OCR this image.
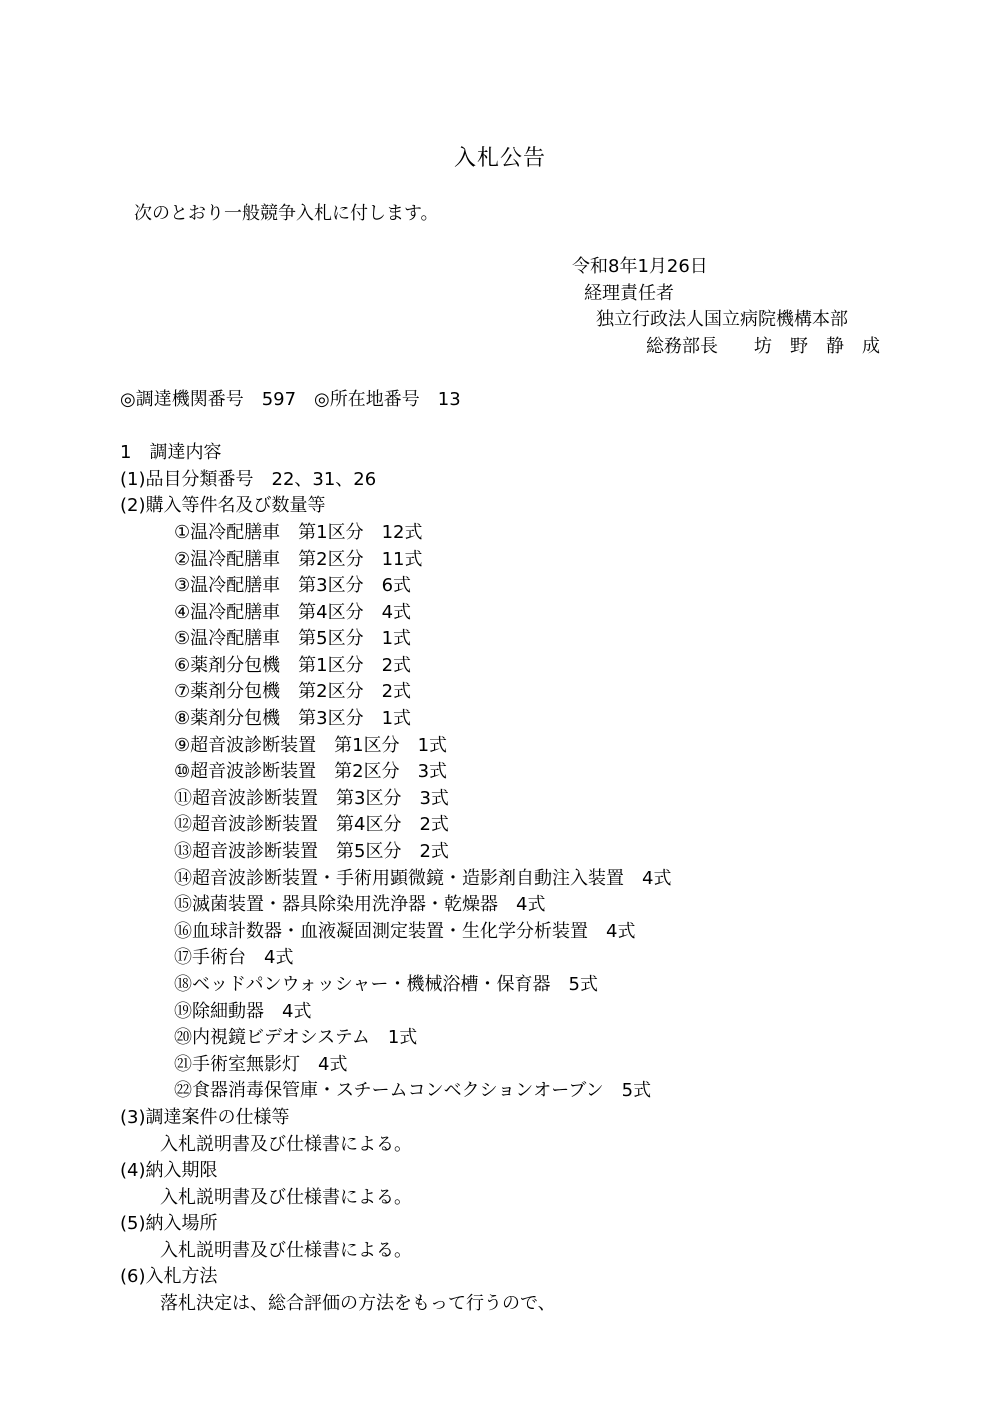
入札公告
次のとおり一般競争入札に付します。
令和8年1月26日
経理責任者
独立行政法人国立病院機構本部
総務部長　　坊　野　静　成
◎調達機関番号　597　◎所在地番号　13
1　調達内容
(1)品目分類番号　22、31、26
(2)購入等件名及び数量等
①温冷配膳車　第1区分　12式
②温冷配膳車　第2区分　11式
③温冷配膳車　第3区分　6式
④温冷配膳車　第4区分　4式
⑤温冷配膳車　第5区分　1式
⑥薬剤分包機　第1区分　2式
⑦薬剤分包機　第2区分　2式
⑧薬剤分包機　第3区分　1式
⑨超音波診断装置　第1区分　1式
⑩超音波診断装置　第2区分　3式
⑪超音波診断装置　第3区分　3式
⑫超音波診断装置　第4区分　2式
⑬超音波診断装置　第5区分　2式
⑭超音波診断装置・手術用顕微鏡・造影剤自動注入装置　4式
⑮滅菌装置・器具除染用洗浄器・乾燥器　4式
⑯血球計数器・血液凝固測定装置・生化学分析装置　4式
⑰手術台　4式
⑱ベッドパンウォッシャー・機械浴槽・保育器　5式
⑲除細動器　4式
⑳内視鏡ビデオシステム　1式
㉑手術室無影灯　4式
㉒食器消毒保管庫・スチームコンベクションオーブン　5式
(3)調達案件の仕様等
入札説明書及び仕様書による。
(4)納入期限
入札説明書及び仕様書による。
(5)納入場所
入札説明書及び仕様書による。
(6)入札方法
落札決定は、総合評価の方法をもって行うので、
